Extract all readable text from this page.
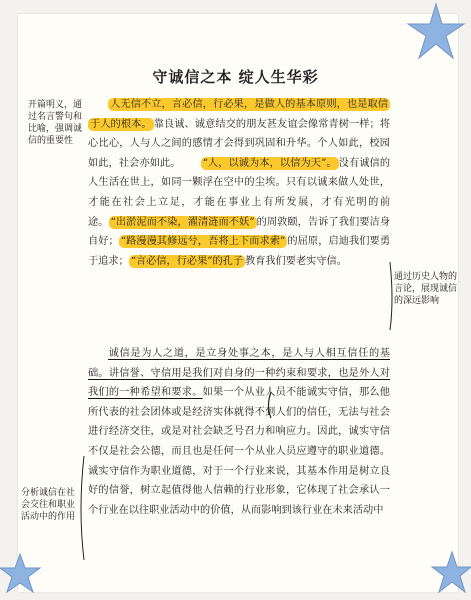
守诚信之本 绽人生华彩
开篇明义，通过名言警句和比喻，强调诚信的重要性
通过历史人物的言论，展现诚信的深远影响
分析诚信在社会交往和职业活动中的作用
人无信不立，言必信，行必果，是做人的基本原则，也是取信于人的根本。 靠良诚、诚意结交的朋友甚友谊会像常青树一样；将心比心，人与人之间的感情才会得到巩固和升华。个人如此，校园如此，社会亦如此。 “人，以诚为本，以信为天”。 没有诚信的人生活在世上，如同一颗浮在空中的尘埃。只有以诚来做人处世，才能在社会上立足，才能在事业上有所发展，才有光明的前途。 “出淤泥而不染，濯清涟而不妖” 的周敦颐，告诉了我们要洁身自好； “路漫漫其修远兮，吾将上下而求索” 的屈原，启迪我们要勇于追求； “言必信，行必果”的孔子 教育我们要老实守信。
诚信是为人之道，是立身处事之本，是人与人相互信任的基础。讲信誉、守信用是我们对自身的一种约束和要求，也是外人对我们的一种希望和要求。如果一个从业人员不能诚实守信，那么他所代表的社会团体或是经济实体就得不到人们的信任，无法与社会进行经济交往，或是对社会缺乏号召力和响应力。因此，诚实守信不仅是社会公德，而且也是任何一个从业人员应遵守的职业道德。诚实守信作为职业道德，对于一个行业来说，其基本作用是树立良好的信誉，树立起值得他人信赖的行业形象，它体现了社会承认一个行业在以往职业活动中的价值，从而影响到该行业在未来活动中
